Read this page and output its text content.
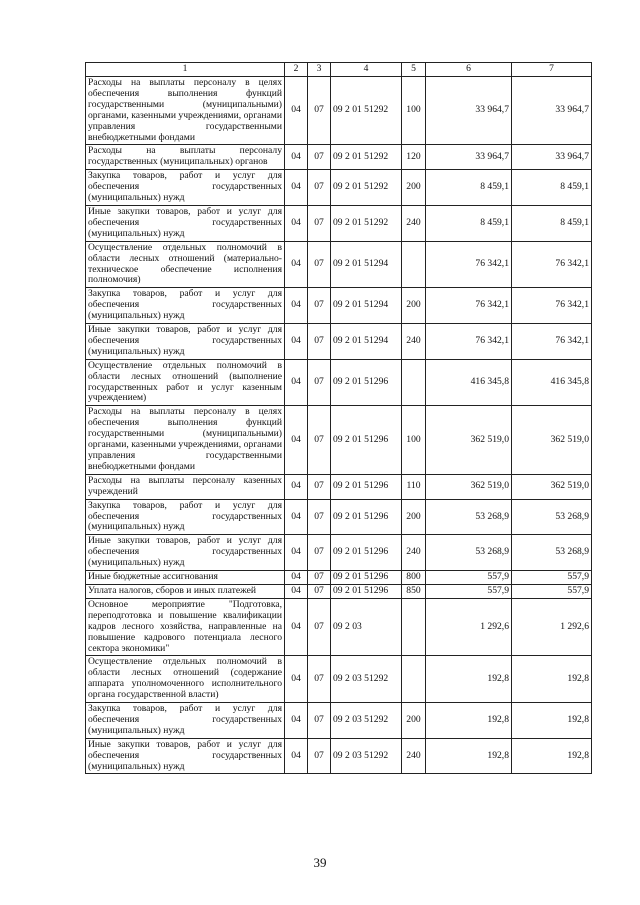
1	2	3	4	5	6	7
Расходы на выплаты персоналу в целях обеспечения выполнения функций государственными (муниципальными) органами, казенными учреждениями, органами управления государственными внебюджетными фондами	04	07	09 2 01 51292	100	33 964,7	33 964,7
Расходы на выплаты персоналу государственных (муниципальных) органов	04	07	09 2 01 51292	120	33 964,7	33 964,7
Закупка товаров, работ и услуг для обеспечения государственных (муниципальных) нужд	04	07	09 2 01 51292	200	8 459,1	8 459,1
Иные закупки товаров, работ и услуг для обеспечения государственных (муниципальных) нужд	04	07	09 2 01 51292	240	8 459,1	8 459,1
Осуществление отдельных полномочий в области лесных отношений (материально-техническое обеспечение исполнения полномочия)	04	07	09 2 01 51294		76 342,1	76 342,1
Закупка товаров, работ и услуг для обеспечения государственных (муниципальных) нужд	04	07	09 2 01 51294	200	76 342,1	76 342,1
Иные закупки товаров, работ и услуг для обеспечения государственных (муниципальных) нужд	04	07	09 2 01 51294	240	76 342,1	76 342,1
Осуществление отдельных полномочий в области лесных отношений (выполнение государственных работ и услуг казенным учреждением)	04	07	09 2 01 51296		416 345,8	416 345,8
Расходы на выплаты персоналу в целях обеспечения выполнения функций государственными (муниципальными) органами, казенными учреждениями, органами управления государственными внебюджетными фондами	04	07	09 2 01 51296	100	362 519,0	362 519,0
Расходы на выплаты персоналу казенных учреждений	04	07	09 2 01 51296	110	362 519,0	362 519,0
Закупка товаров, работ и услуг для обеспечения государственных (муниципальных) нужд	04	07	09 2 01 51296	200	53 268,9	53 268,9
Иные закупки товаров, работ и услуг для обеспечения государственных (муниципальных) нужд	04	07	09 2 01 51296	240	53 268,9	53 268,9
Иные бюджетные ассигнования	04	07	09 2 01 51296	800	557,9	557,9
Уплата налогов, сборов и иных платежей	04	07	09 2 01 51296	850	557,9	557,9
Основное мероприятие "Подготовка, переподготовка и повышение квалификации кадров лесного хозяйства, направленные на повышение кадрового потенциала лесного сектора экономики"	04	07	09 2 03		1 292,6	1 292,6
Осуществление отдельных полномочий в области лесных отношений (содержание аппарата уполномоченного исполнительного органа государственной власти)	04	07	09 2 03 51292		192,8	192,8
Закупка товаров, работ и услуг для обеспечения государственных (муниципальных) нужд	04	07	09 2 03 51292	200	192,8	192,8
Иные закупки товаров, работ и услуг для обеспечения государственных (муниципальных) нужд	04	07	09 2 03 51292	240	192,8	192,8
39
